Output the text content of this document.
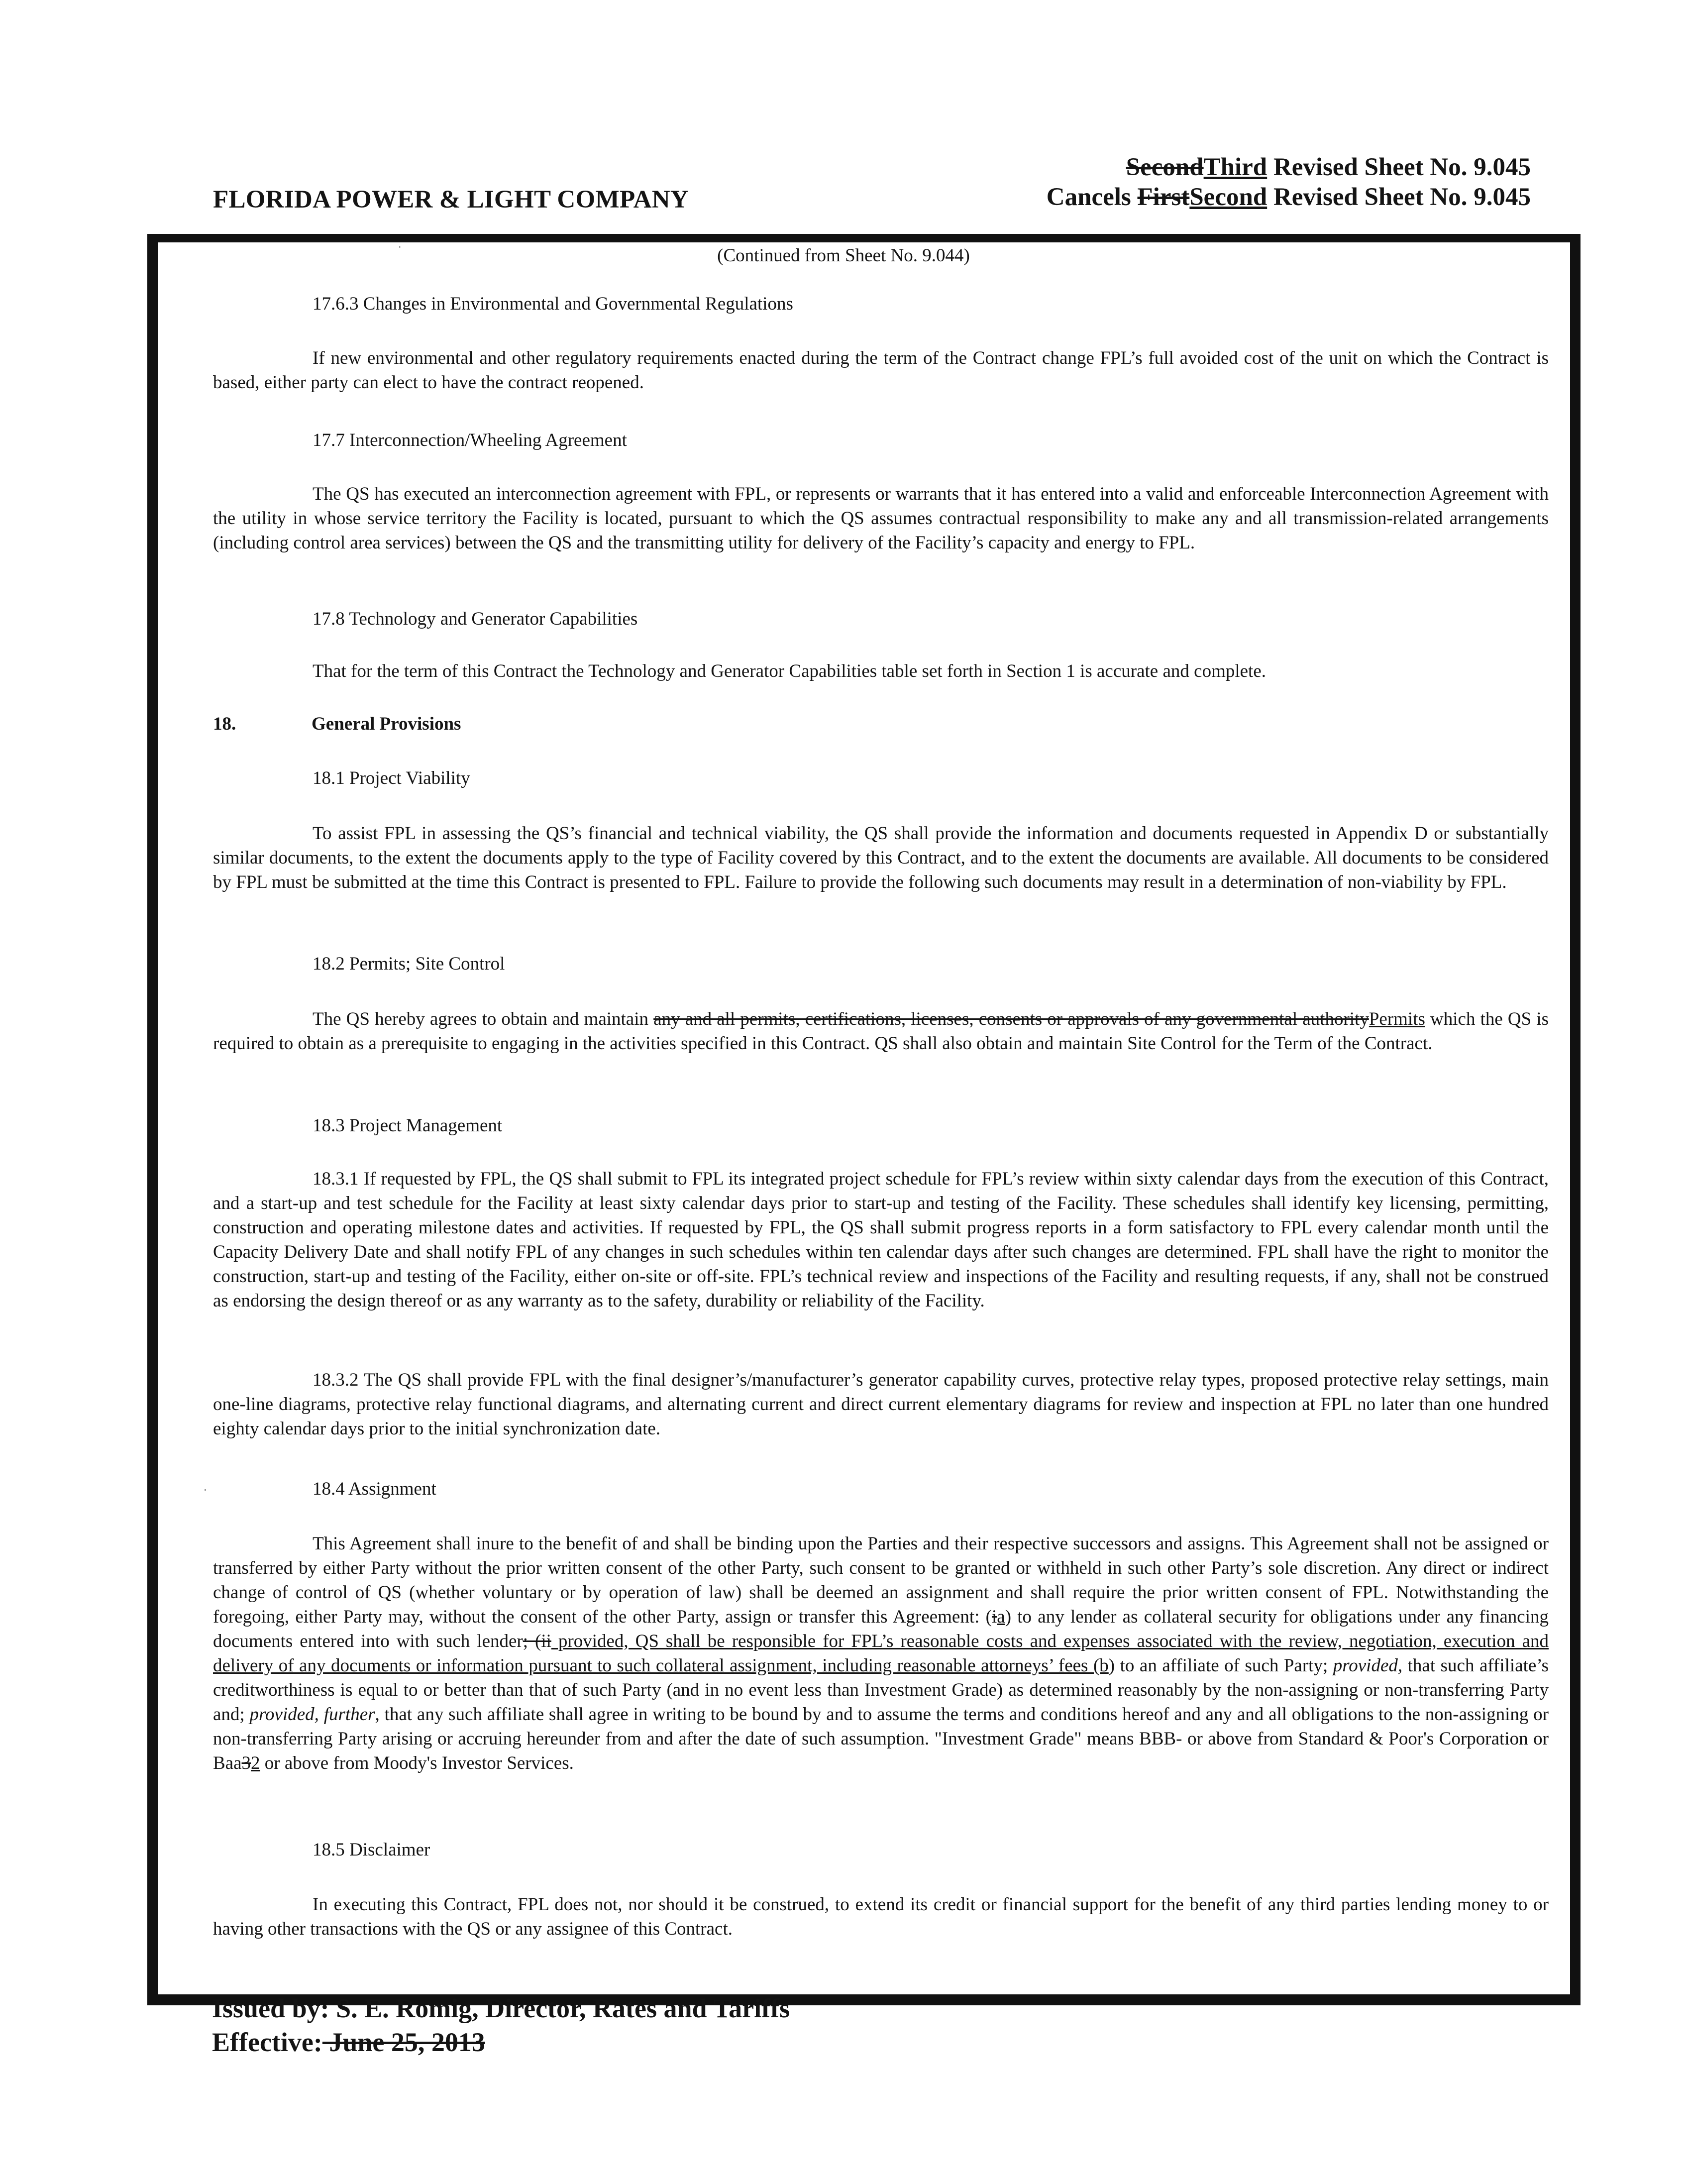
SecondThird Revised Sheet No. 9.045
FLORIDA POWER & LIGHT COMPANY	Cancels FirstSecond Revised Sheet No. 9.045
·	(Continued from Sheet No. 9.044)
17.6.3 Changes in Environmental and Governmental Regulations
If new environmental and other regulatory requirements enacted during the term of the Contract change FPL’s full avoided cost of the unit on which the Contract is based, either party can elect to have the contract reopened.
17.7 Interconnection/Wheeling Agreement
The QS has executed an interconnection agreement with FPL, or represents or warrants that it has entered into a valid and enforceable Interconnection Agreement with the utility in whose service territory the Facility is located, pursuant to which the QS assumes contractual responsibility to make any and all transmission-related arrangements (including control area services) between the QS and the transmitting utility for delivery of the Facility’s capacity and energy to FPL.
17.8 Technology and Generator Capabilities
That for the term of this Contract the Technology and Generator Capabilities table set forth in Section 1 is accurate and complete.
18.	General Provisions
18.1 Project Viability
To assist FPL in assessing the QS’s financial and technical viability, the QS shall provide the information and documents requested in Appendix D or substantially similar documents, to the extent the documents apply to the type of Facility covered by this Contract, and to the extent the documents are available. All documents to be considered by FPL must be submitted at the time this Contract is presented to FPL. Failure to provide the following such documents may result in a determination of non-viability by FPL.
18.2 Permits; Site Control
The QS hereby agrees to obtain and maintain any and all permits, certifications, licenses, consents or approvals of any governmental authorityPermits which the QS is required to obtain as a prerequisite to engaging in the activities specified in this Contract. QS shall also obtain and maintain Site Control for the Term of the Contract.
18.3 Project Management
18.3.1 If requested by FPL, the QS shall submit to FPL its integrated project schedule for FPL’s review within sixty calendar days from the execution of this Contract, and a start-up and test schedule for the Facility at least sixty calendar days prior to start-up and testing of the Facility. These schedules shall identify key licensing, permitting, construction and operating milestone dates and activities. If requested by FPL, the QS shall submit progress reports in a form satisfactory to FPL every calendar month until the Capacity Delivery Date and shall notify FPL of any changes in such schedules within ten calendar days after such changes are determined. FPL shall have the right to monitor the construction, start-up and testing of the Facility, either on-site or off-site. FPL’s technical review and inspections of the Facility and resulting requests, if any, shall not be construed as endorsing the design thereof or as any warranty as to the safety, durability or reliability of the Facility.
18.3.2 The QS shall provide FPL with the final designer’s/manufacturer’s generator capability curves, protective relay types, proposed protective relay settings, main one-line diagrams, protective relay functional diagrams, and alternating current and direct current elementary diagrams for review and inspection at FPL no later than one hundred eighty calendar days prior to the initial synchronization date.
18.4 Assignment
This Agreement shall inure to the benefit of and shall be binding upon the Parties and their respective successors and assigns. This Agreement shall not be assigned or transferred by either Party without the prior written consent of the other Party, such consent to be granted or withheld in such other Party’s sole discretion. Any direct or indirect change of control of QS (whether voluntary or by operation of law) shall be deemed an assignment and shall require the prior written consent of FPL. Notwithstanding the foregoing, either Party may, without the consent of the other Party, assign or transfer this Agreement: (ia) to any lender as collateral security for obligations under any financing documents entered into with such lender; (ii provided, QS shall be responsible for FPL’s reasonable costs and expenses associated with the review, negotiation, execution and delivery of any documents or information pursuant to such collateral assignment, including reasonable attorneys’ fees (b) to an affiliate of such Party; provided, that such affiliate’s creditworthiness is equal to or better than that of such Party (and in no event less than Investment Grade) as determined reasonably by the non-assigning or non-transferring Party and; provided, further, that any such affiliate shall agree in writing to be bound by and to assume the terms and conditions hereof and any and all obligations to the non-assigning or non-transferring Party arising or accruing hereunder from and after the date of such assumption. "Investment Grade" means BBB- or above from Standard & Poor's Corporation or Baa32 or above from Moody's Investor Services.
18.5 Disclaimer
In executing this Contract, FPL does not, nor should it be construed, to extend its credit or financial support for the benefit of any third parties lending money to or having other transactions with the QS or any assignee of this Contract.
Issued by: S. E. Romig, Director, Rates and Tariffs
Effective: June 25, 2013
